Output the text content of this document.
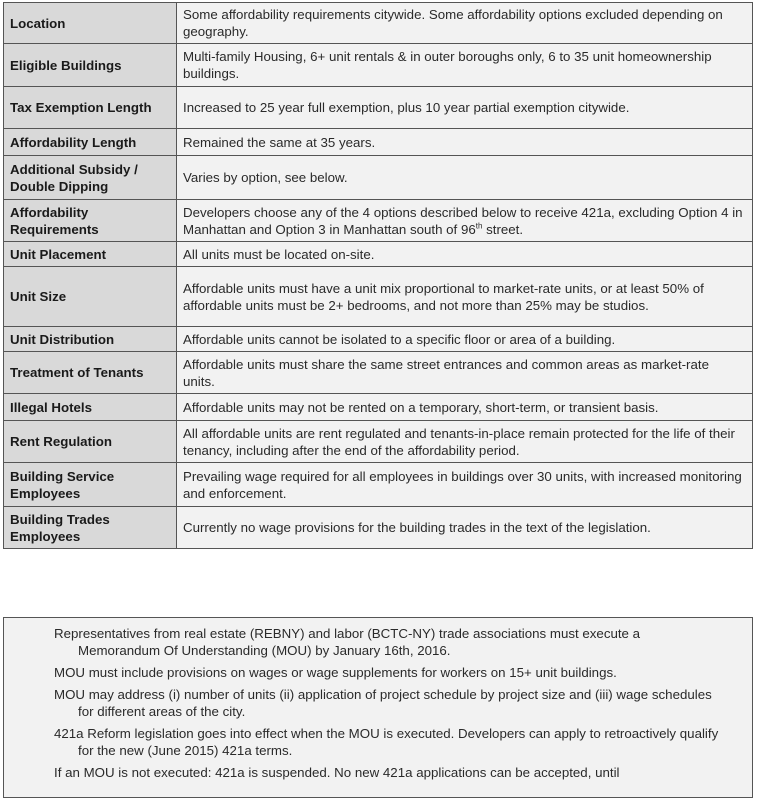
Location	Some affordability requirements citywide. Some affordability options excluded depending on geography.
Eligible Buildings	Multi-family Housing, 6+ unit rentals & in outer boroughs only, 6 to 35 unit homeownership buildings.
Tax Exemption Length	Increased to 25 year full exemption, plus 10 year partial exemption citywide.
Affordability Length	Remained the same at 35 years.
Additional Subsidy / Double Dipping	Varies by option, see below.
Affordability Requirements	Developers choose any of the 4 options described below to receive 421a, excluding Option 4 in Manhattan and Option 3 in Manhattan south of 96th street.
Unit Placement	All units must be located on-site.
Unit Size	Affordable units must have a unit mix proportional to market-rate units, or at least 50% of affordable units must be 2+ bedrooms, and not more than 25% may be studios.
Unit Distribution	Affordable units cannot be isolated to a specific floor or area of a building.
Treatment of Tenants	Affordable units must share the same street entrances and common areas as market-rate units.
Illegal Hotels	Affordable units may not be rented on a temporary, short-term, or transient basis.
Rent Regulation	All affordable units are rent regulated and tenants-in-place remain protected for the life of their tenancy, including after the end of the affordability period.
Building Service Employees	Prevailing wage required for all employees in buildings over 30 units, with increased monitoring and enforcement.
Building Trades Employees	Currently no wage provisions for the building trades in the text of the legislation.

Representatives from real estate (REBNY) and labor (BCTC-NY) trade associations must execute a Memorandum Of Understanding (MOU) by January 16th, 2016.

MOU must include provisions on wages or wage supplements for workers on 15+ unit buildings.

MOU may address (i) number of units (ii) application of project schedule by project size and (iii) wage schedules for different areas of the city.

421a Reform legislation goes into effect when the MOU is executed. Developers can apply to retroactively qualify for the new (June 2015) 421a terms.

If an MOU is not executed: 421a is suspended. No new 421a applications can be accepted, until
